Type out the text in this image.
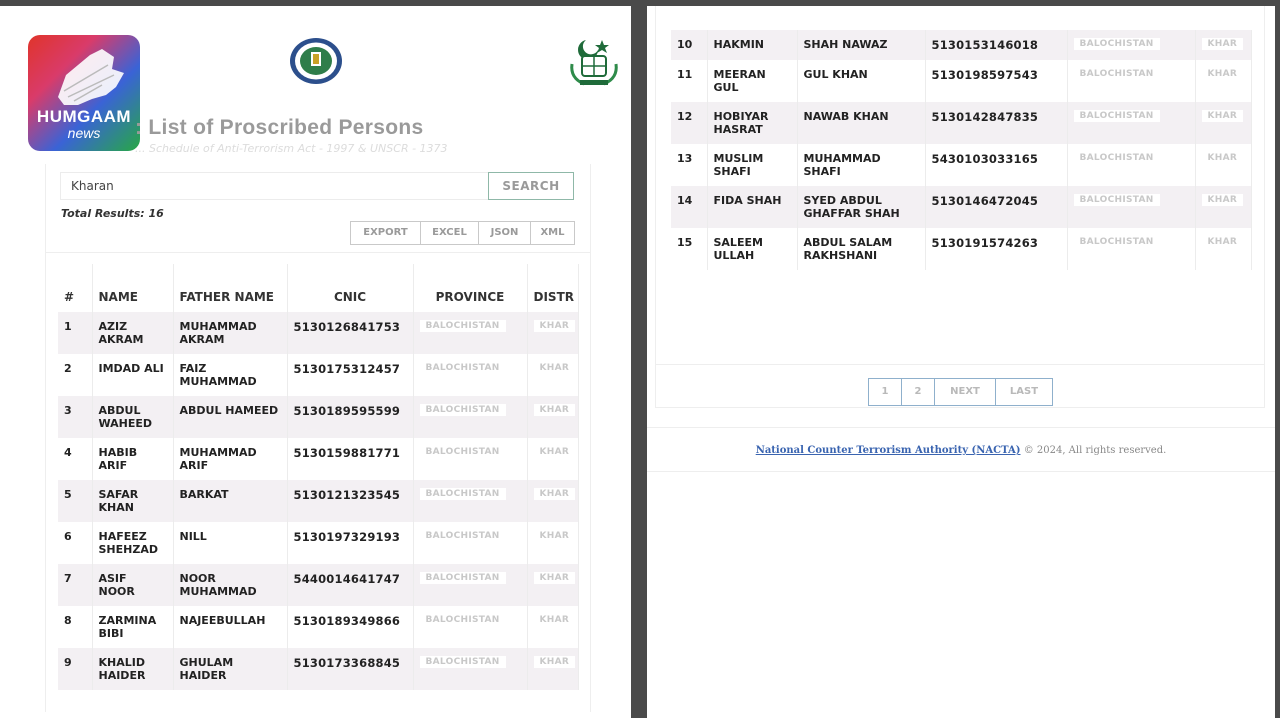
HUMGAAM
news	: List of Proscribed Persons
... Schedule of Anti-Terrorism Act - 1997 & UNSCR - 1373
Kharan	SEARCH
Total Results: 16
EXPORT	EXCEL	JSON	XML
#	NAME	FATHER NAME	CNIC	PROVINCE	DISTR
1	AZIZ AKRAM	MUHAMMAD AKRAM	5130126841753	BALOCHISTAN	KHAR
2	IMDAD ALI	FAIZ MUHAMMAD	5130175312457	BALOCHISTAN	KHAR
3	ABDUL WAHEED	ABDUL HAMEED	5130189595599	BALOCHISTAN	KHAR
4	HABIB ARIF	MUHAMMAD ARIF	5130159881771	BALOCHISTAN	KHAR
5	SAFAR KHAN	BARKAT	5130121323545	BALOCHISTAN	KHAR
6	HAFEEZ SHEHZAD	NILL	5130197329193	BALOCHISTAN	KHAR
7	ASIF NOOR	NOOR MUHAMMAD	5440014641747	BALOCHISTAN	KHAR
8	ZARMINA BIBI	NAJEEBULLAH	5130189349866	BALOCHISTAN	KHAR
9	KHALID HAIDER	GHULAM HAIDER	5130173368845	BALOCHISTAN	KHAR
10	HAKMIN	SHAH NAWAZ	5130153146018	BALOCHISTAN	KHAR
11	MEERAN GUL	GUL KHAN	5130198597543	BALOCHISTAN	KHAR
12	HOBIYAR HASRAT	NAWAB KHAN	5130142847835	BALOCHISTAN	KHAR
13	MUSLIM SHAFI	MUHAMMAD SHAFI	5430103033165	BALOCHISTAN	KHAR
14	FIDA SHAH	SYED ABDUL GHAFFAR SHAH	5130146472045	BALOCHISTAN	KHAR
15	SALEEM ULLAH	ABDUL SALAM RAKHSHANI	5130191574263	BALOCHISTAN	KHAR
1	2	NEXT	LAST
National Counter Terrorism Authority (NACTA) © 2024, All rights reserved.
